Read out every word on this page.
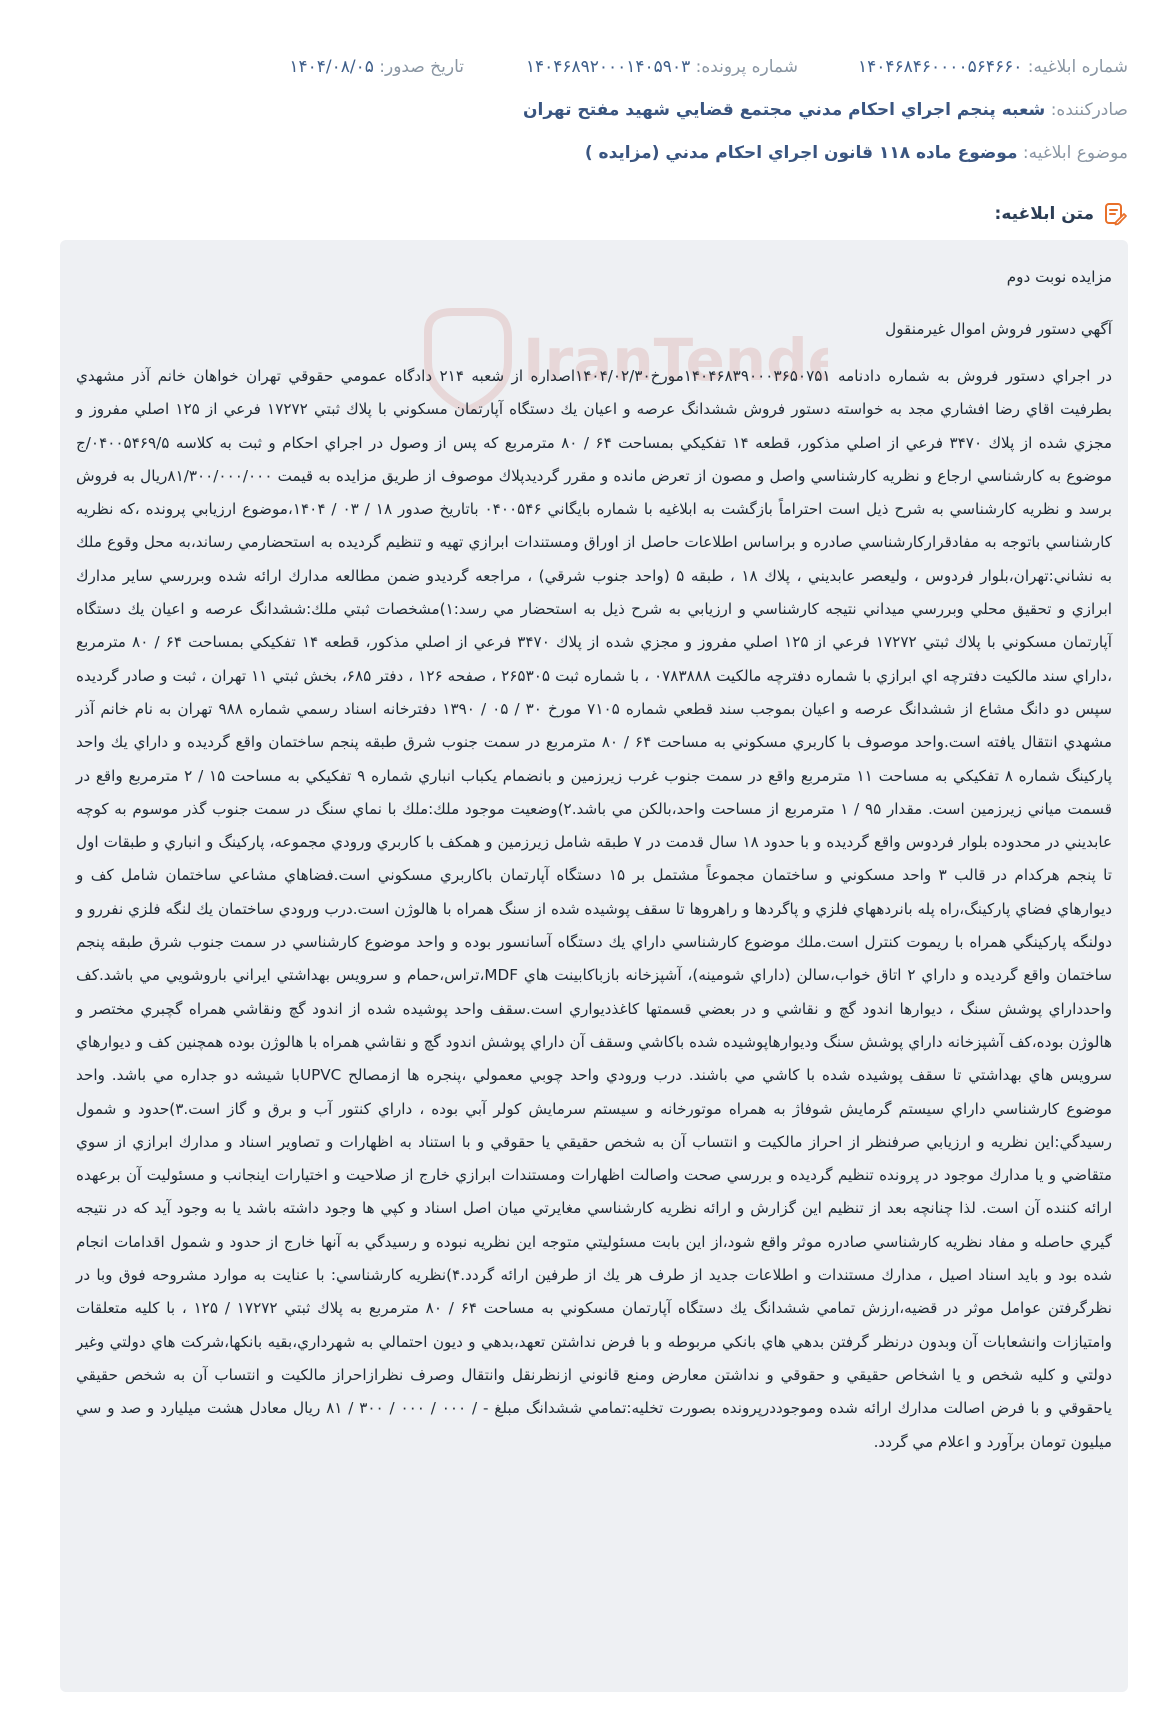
شماره ابلاغيه: ۱۴۰۴۶۸۴۶۰۰۰۰۵۶۴۶۶۰
شماره پرونده: ۱۴۰۴۶۸۹۲۰۰۰۱۴۰۵۹۰۳
تاريخ صدور: ۱۴۰۴/۰۸/۰۵
صادرکننده: شعبه پنجم اجراي احکام مدني مجتمع قضايي شهيد مفتح تهران
موضوع ابلاغيه: موضوع ماده ۱۱۸ قانون اجراي احکام مدني (مزايده )
متن ابلاغيه:
IranTende
مزايده نوبت دوم
آگهي دستور فروش اموال غيرمنقول
در اجراي دستور فروش به شماره دادنامه ۱۴۰۴۶۸۳۹۰۰۰۳۶۵۰۷۵۱مورخ۱۴۰۴/۰۲/۳۰اصداره از شعبه ۲۱۴ دادگاه عمومي حقوقي تهران خواهان خانم آذر مشهدي بطرفيت اقاي رضا افشاري مجد به خواسته دستور فروش ششدانگ عرصه و اعيان يك دستگاه آپارتمان مسكوني با پلاك ثبتي ۱۷۲۷۲ فرعي از ۱۲۵ اصلي مفروز و مجزي شده از پلاك ۳۴۷۰ فرعي از اصلي مذكور، قطعه ۱۴ تفكيكي بمساحت ۶۴ / ۸۰ مترمربع كه پس از وصول در اجراي احكام و ثبت به كلاسه ۰۴۰۰۵۴۶۹/۵/ج موضوع به كارشناسي ارجاع و نظريه كارشناسي واصل و مصون از تعرض مانده و مقرر گرديدپلاك موصوف از طريق مزايده به قيمت ۸۱/۳۰۰/۰۰۰/۰۰۰ريال به فروش برسد و نظريه كارشناسي به شرح ذيل است احتراماً بازگشت به ابلاغيه با شماره بايگاني ۰۴۰۰۵۴۶ باتاريخ صدور ۱۸ / ۰۳ / ۱۴۰۴،موضوع ارزيابي پرونده ،كه نظريه كارشناسي باتوجه به مفادقراركارشناسي صادره و براساس اطلاعات حاصل از اوراق ومستندات ابرازي تهيه و تنظيم گرديده به استحضارمي رساند،به محل وقوع ملك به نشاني:تهران،بلوار فردوس ، وليعصر عابديني ، پلاك ۱۸ ، طبقه ۵ (واحد جنوب شرقي) ، مراجعه گرديدو ضمن مطالعه مدارك ارائه شده وبررسي ساير مدارك ابرازي و تحقيق محلي وبررسي ميداني نتيجه كارشناسي و ارزيابي به شرح ذيل به استحضار مي رسد:۱)مشخصات ثبتي ملك:ششدانگ عرصه و اعيان يك دستگاه آپارتمان مسكوني با پلاك ثبتي ۱۷۲۷۲ فرعي از ۱۲۵ اصلي مفروز و مجزي شده از پلاك ۳۴۷۰ فرعي از اصلي مذكور، قطعه ۱۴ تفكيكي بمساحت ۶۴ / ۸۰ مترمربع ،داراي سند مالكيت دفترچه اي ابرازي با شماره دفترچه مالكيت ۰۷۸۳۸۸۸ ، با شماره ثبت ۲۶۵۳۰۵ ، صفحه ۱۲۶ ، دفتر ۶۸۵، بخش ثبتي ۱۱ تهران ، ثبت و صادر گرديده سپس دو دانگ مشاع از ششدانگ عرصه و اعيان بموجب سند قطعي شماره ۷۱۰۵ مورخ ۳۰ / ۰۵ / ۱۳۹۰ دفترخانه اسناد رسمي شماره ۹۸۸ تهران به نام خانم آذر مشهدي انتقال يافته است.واحد موصوف با كاربري مسكوني به مساحت ۶۴ / ۸۰ مترمربع در سمت جنوب شرق طبقه پنجم ساختمان واقع گرديده و داراي يك واحد پاركينگ شماره ۸ تفكيكي به مساحت ۱۱ مترمربع واقع در سمت جنوب غرب زيرزمين و بانضمام يكباب انباري شماره ۹ تفكيكي به مساحت ۱۵ / ۲ مترمربع واقع در قسمت مياني زيرزمين است. مقدار ۹۵ / ۱ مترمربع از مساحت واحد،بالكن مي باشد.۲)وضعيت موجود ملك:ملك با نماي سنگ در سمت جنوب گذر موسوم به كوچه عابديني در محدوده بلوار فردوس واقع گرديده و با حدود ۱۸ سال قدمت در ۷ طبقه شامل زيرزمين و همكف با كاربري ورودي مجموعه، پاركينگ و انباري و طبقات اول تا پنجم هركدام در قالب ۳ واحد مسكوني و ساختمان مجموعاً مشتمل بر ۱۵ دستگاه آپارتمان باكاربري مسكوني است.فضاهاي مشاعي ساختمان شامل كف و ديوارهاي فضاي پاركينگ،راه پله بانردههاي فلزي و پاگردها و راهروها تا سقف پوشيده شده از سنگ همراه با هالوژن است.درب ورودي ساختمان يك لنگه فلزي نفررو و دولنگه پاركينگي همراه با ريموت كنترل است.ملك موضوع كارشناسي داراي يك دستگاه آسانسور بوده و واحد موضوع كارشناسي در سمت جنوب شرق طبقه پنجم ساختمان واقع گرديده و داراي ۲ اتاق خواب،سالن (داراي شومينه)، آشپزخانه بازباكابينت هاي MDF،تراس،حمام و سرويس بهداشتي ايراني باروشويي مي باشد.كف واحدداراي پوشش سنگ ، ديوارها اندود گچ و نقاشي و در بعضي قسمتها كاغذديواري است.سقف واحد پوشيده شده از اندود گچ ونقاشي همراه گچبري مختصر و هالوژن بوده،كف آشپزخانه داراي پوشش سنگ وديوارهاپوشيده شده باكاشي وسقف آن داراي پوشش اندود گچ و نقاشي همراه با هالوژن بوده همچنين كف و ديوارهاي سرويس هاي بهداشتي تا سقف پوشيده شده با كاشي مي باشند. درب ورودي واحد چوبي معمولي ،پنجره ها ازمصالح UPVCبا شيشه دو جداره مي باشد. واحد موضوع كارشناسي داراي سيستم گرمايش شوفاژ به همراه موتورخانه و سيستم سرمايش كولر آبي بوده ، داراي كنتور آب و برق و گاز است.۳)حدود و شمول رسيدگي:اين نظريه و ارزيابي صرفنظر از احراز مالكيت و انتساب آن به شخص حقيقي يا حقوقي و با استناد به اظهارات و تصاوير اسناد و مدارك ابرازي از سوي متقاضي و يا مدارك موجود در پرونده تنظيم گرديده و بررسي صحت واصالت اظهارات ومستندات ابرازي خارج از صلاحيت و اختيارات اينجانب و مسئوليت آن برعهده ارائه كننده آن است. لذا چنانچه بعد از تنظيم اين گزارش و ارائه نظريه كارشناسي مغايرتي ميان اصل اسناد و كپي ها وجود داشته باشد يا به وجود آيد كه در نتيجه گيري حاصله و مفاد نظريه كارشناسي صادره موثر واقع شود،از اين بابت مسئوليتي متوجه اين نظريه نبوده و رسيدگي به آنها خارج از حدود و شمول اقدامات انجام شده بود و بايد اسناد اصيل ، مدارك مستندات و اطلاعات جديد از طرف هر يك از طرفين ارائه گردد.۴)نظريه كارشناسي: با عنايت به موارد مشروحه فوق وبا در نظرگرفتن عوامل موثر در قضيه،ارزش تمامي ششدانگ يك دستگاه آپارتمان مسكوني به مساحت ۶۴ / ۸۰ مترمربع به پلاك ثبتي ۱۷۲۷۲ / ۱۲۵ ، با كليه متعلقات وامتيازات وانشعابات آن وبدون درنظر گرفتن بدهي هاي بانكي مربوطه و با فرض نداشتن تعهد،بدهي و ديون احتمالي به شهرداري،بقيه بانكها،شركت هاي دولتي وغير دولتي و كليه شخص و يا اشخاص حقيقي و حقوقي و نداشتن معارض ومنع قانوني ازنظرنقل وانتقال وصرف نظرازاحراز مالكيت و انتساب آن به شخص حقيقي ياحقوقي و با فرض اصالت مدارك ارائه شده وموجوددرپرونده بصورت تخليه:تمامي ششدانگ مبلغ - / ۰۰۰ / ۰۰۰ / ۳۰۰ / ۸۱ ريال معادل هشت ميليارد و صد و سي ميليون تومان برآورد و اعلام مي گردد.
